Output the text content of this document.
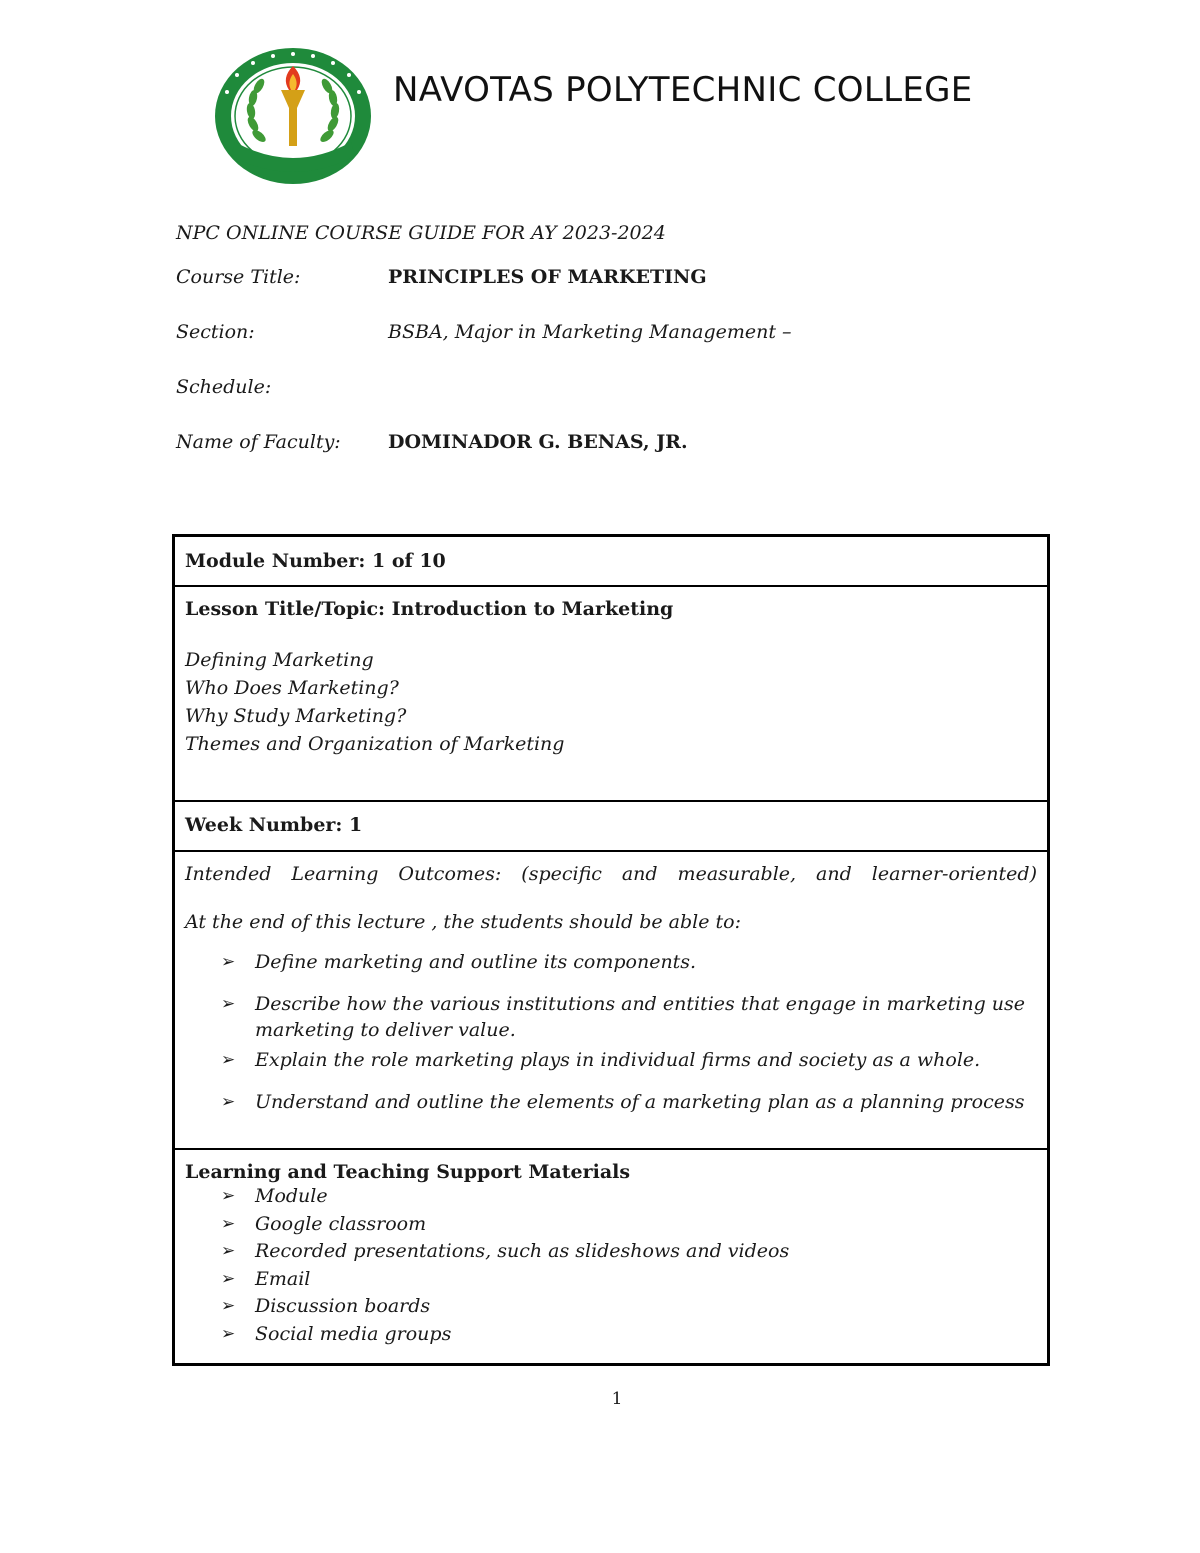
NAVOTAS POLYTECHNIC COLLEGE
NPC ONLINE COURSE GUIDE FOR AY 2023-2024
Course Title:	PRINCIPLES OF MARKETING
Section:	BSBA, Major in Marketing Management –
Schedule:
Name of Faculty: DOMINADOR G. BENAS, JR.
Module Number: 1 of 10
Lesson Title/Topic: Introduction to Marketing
Defining Marketing
Who Does Marketing?
Why Study Marketing?
Themes and Organization of Marketing
Week Number: 1
Intended Learning Outcomes: (specific and measurable, and learner-oriented)
At the end of this lecture , the students should be able to:
➢ Define marketing and outline its components.
➢ Describe how the various institutions and entities that engage in marketing use marketing to deliver value.
➢ Explain the role marketing plays in individual firms and society as a whole.
➢ Understand and outline the elements of a marketing plan as a planning process
Learning and Teaching Support Materials
➢ Module
➢ Google classroom
➢ Recorded presentations, such as slideshows and videos
➢ Email
➢ Discussion boards
➢ Social media groups
1
